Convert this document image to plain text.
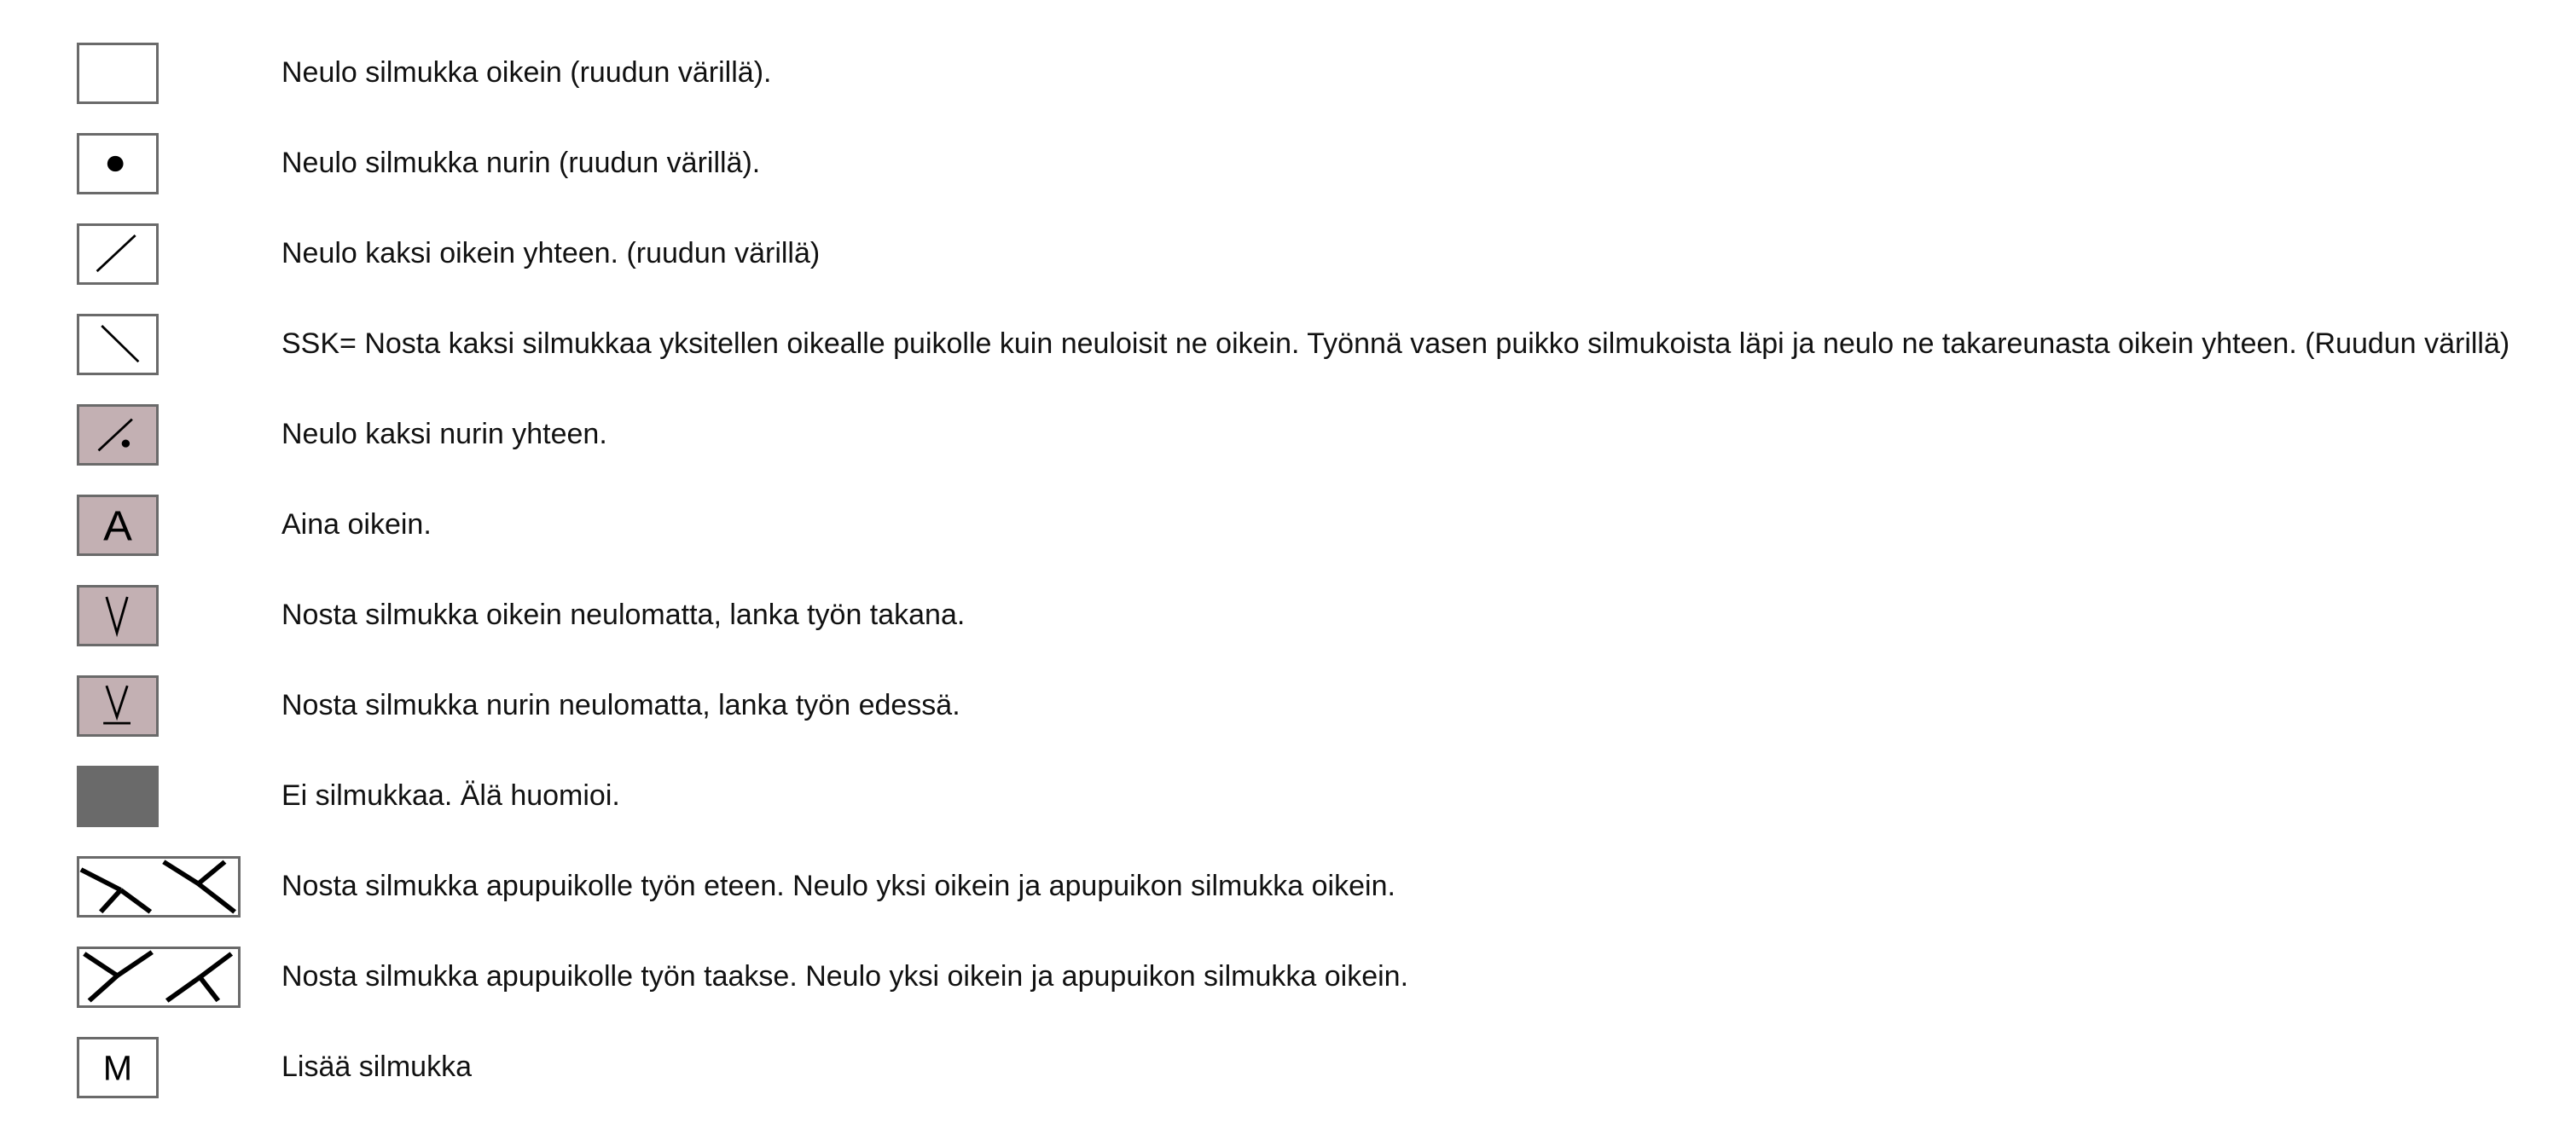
Neulo silmukka oikein (ruudun värillä).
Neulo silmukka nurin (ruudun värillä).
Neulo kaksi oikein yhteen. (ruudun värillä)
SSK= Nosta kaksi silmukkaa yksitellen oikealle puikolle kuin neuloisit ne oikein. Työnnä vasen puikko silmukoista läpi ja neulo ne takareunasta oikein yhteen. (Ruudun värillä)
Neulo kaksi nurin yhteen.
A	Aina oikein.
Nosta silmukka oikein neulomatta, lanka työn takana.
Nosta silmukka nurin neulomatta, lanka työn edessä.
Ei silmukkaa. Älä huomioi.
Nosta silmukka apupuikolle työn eteen. Neulo yksi oikein ja apupuikon silmukka oikein.
Nosta silmukka apupuikolle työn taakse. Neulo yksi oikein ja apupuikon silmukka oikein.
M	Lisää silmukka
